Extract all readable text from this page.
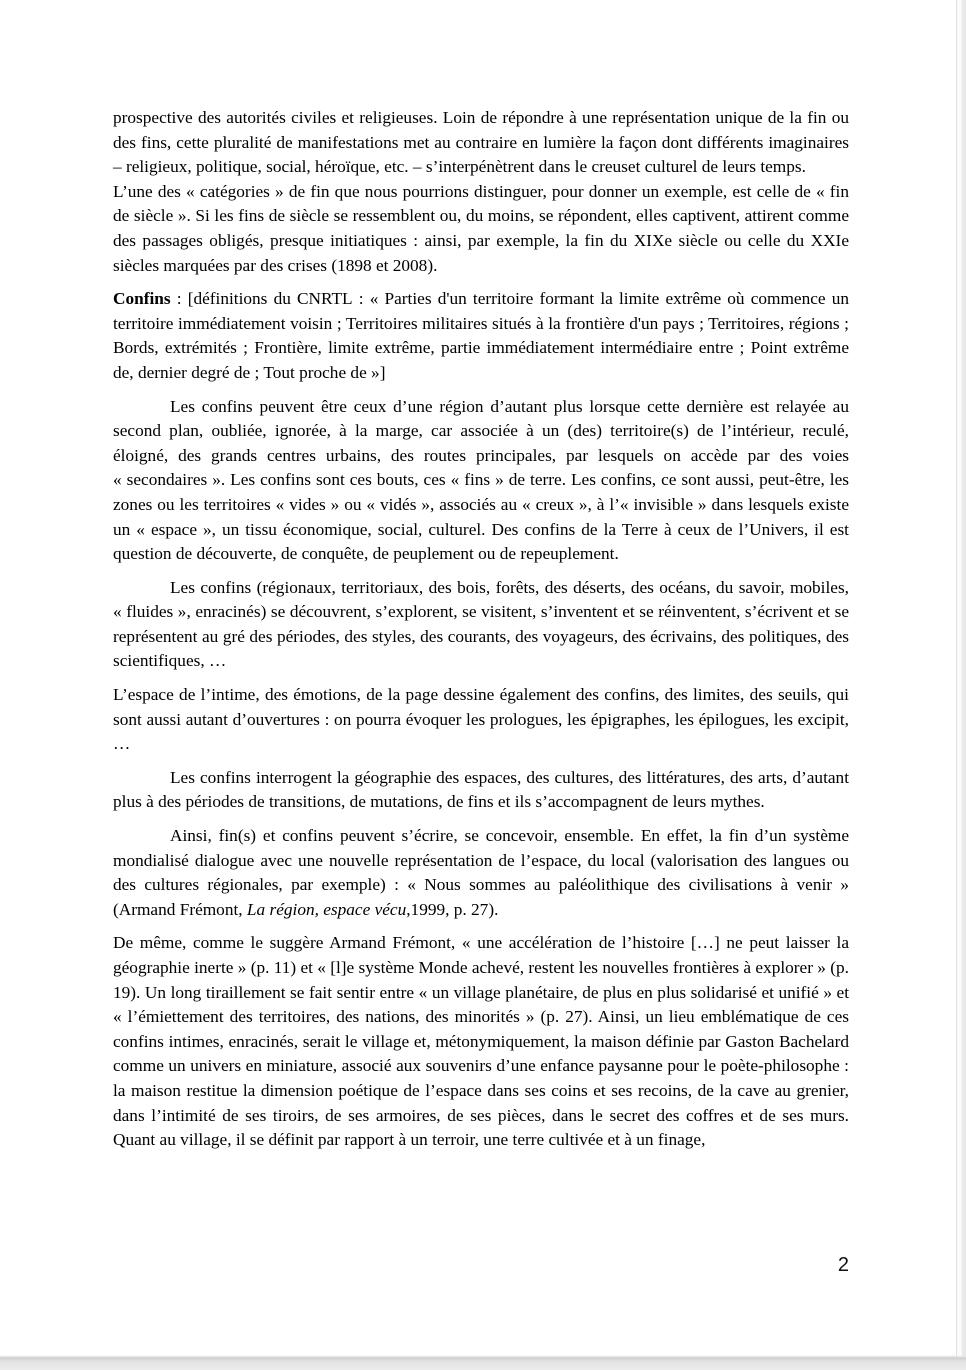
prospective des autorités civiles et religieuses. Loin de répondre à une représentation unique de la fin ou des fins, cette pluralité de manifestations met au contraire en lumière la façon dont différents imaginaires – religieux, politique, social, héroïque, etc. – s’interpénètrent dans le creuset culturel de leurs temps.

L’une des « catégories » de fin que nous pourrions distinguer, pour donner un exemple, est celle de « fin de siècle ». Si les fins de siècle se ressemblent ou, du moins, se répondent, elles captivent, attirent comme des passages obligés, presque initiatiques : ainsi, par exemple, la fin du XIXe siècle ou celle du XXIe siècles marquées par des crises (1898 et 2008).

Confins : [définitions du CNRTL : « Parties d'un territoire formant la limite extrême où commence un territoire immédiatement voisin ; Territoires militaires situés à la frontière d'un pays ; Territoires, régions ; Bords, extrémités ; Frontière, limite extrême, partie immédiatement intermédiaire entre ; Point extrême de, dernier degré de ; Tout proche de »]

Les confins peuvent être ceux d’une région d’autant plus lorsque cette dernière est relayée au second plan, oubliée, ignorée, à la marge, car associée à un (des) territoire(s) de l’intérieur, reculé, éloigné, des grands centres urbains, des routes principales, par lesquels on accède par des voies « secondaires ». Les confins sont ces bouts, ces « fins » de terre. Les confins, ce sont aussi, peut-être, les zones ou les territoires « vides » ou « vidés », associés au « creux », à l’« invisible » dans lesquels existe un « espace », un tissu économique, social, culturel. Des confins de la Terre à ceux de l’Univers, il est question de découverte, de conquête, de peuplement ou de repeuplement.

Les confins (régionaux, territoriaux, des bois, forêts, des déserts, des océans, du savoir, mobiles, « fluides », enracinés) se découvrent, s’explorent, se visitent, s’inventent et se réinventent, s’écrivent et se représentent au gré des périodes, des styles, des courants, des voyageurs, des écrivains, des politiques, des scientifiques, …

L’espace de l’intime, des émotions, de la page dessine également des confins, des limites, des seuils, qui sont aussi autant d’ouvertures : on pourra évoquer les prologues, les épigraphes, les épilogues, les excipit, …

Les confins interrogent la géographie des espaces, des cultures, des littératures, des arts, d’autant plus à des périodes de transitions, de mutations, de fins et ils s’accompagnent de leurs mythes.

Ainsi, fin(s) et confins peuvent s’écrire, se concevoir, ensemble. En effet, la fin d’un système mondialisé dialogue avec une nouvelle représentation de l’espace, du local (valorisation des langues ou des cultures régionales, par exemple) : « Nous sommes au paléolithique des civilisations à venir » (Armand Frémont, La région, espace vécu,1999, p. 27).

De même, comme le suggère Armand Frémont, « une accélération de l’histoire […] ne peut laisser la géographie inerte » (p. 11) et « [l]e système Monde achevé, restent les nouvelles frontières à explorer » (p. 19). Un long tiraillement se fait sentir entre « un village planétaire, de plus en plus solidarisé et unifié » et « l’émiettement des territoires, des nations, des minorités » (p. 27). Ainsi, un lieu emblématique de ces confins intimes, enracinés, serait le village et, métonymiquement, la maison définie par Gaston Bachelard comme un univers en miniature, associé aux souvenirs d’une enfance paysanne pour le poète-philosophe : la maison restitue la dimension poétique de l’espace dans ses coins et ses recoins, de la cave au grenier, dans l’intimité de ses tiroirs, de ses armoires, de ses pièces, dans le secret des coffres et de ses murs. Quant au village, il se définit par rapport à un terroir, une terre cultivée et à un finage,

2
